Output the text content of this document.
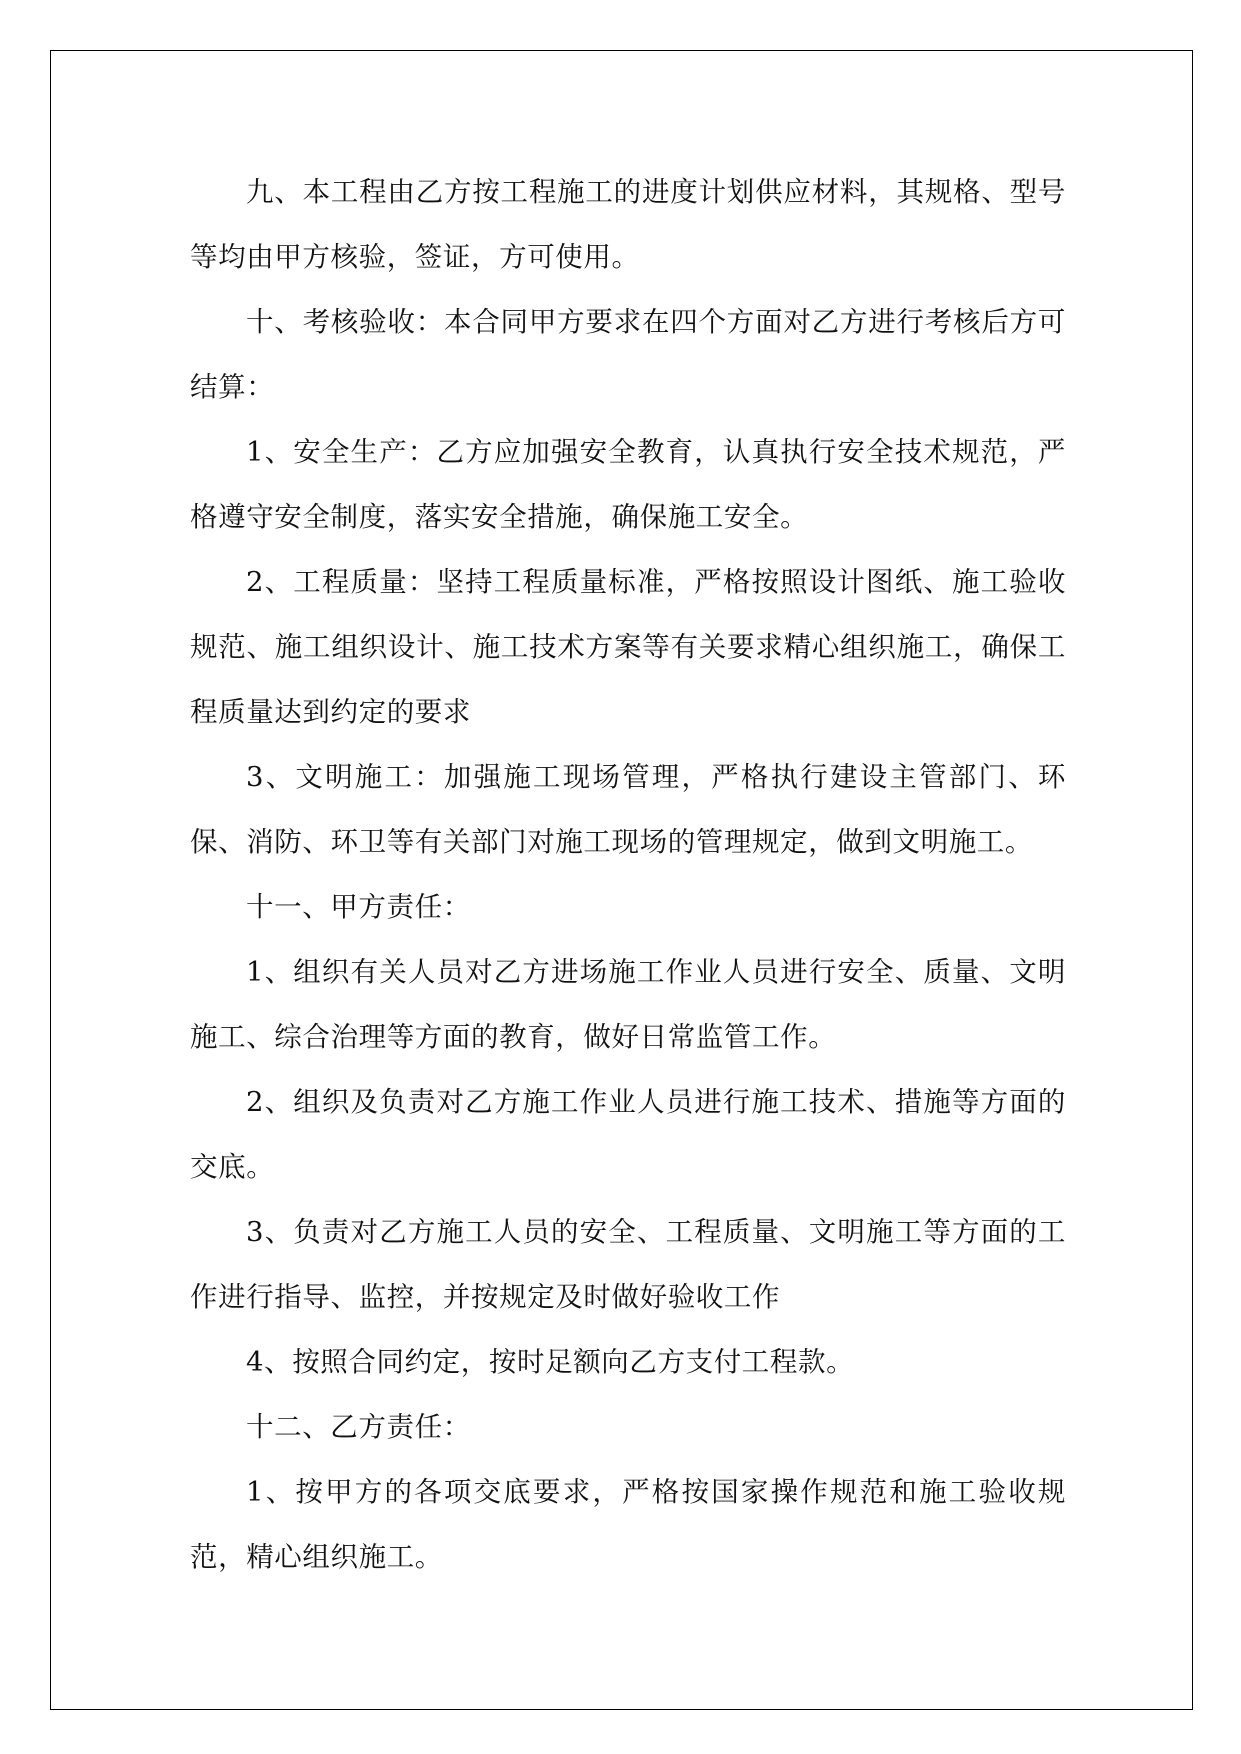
九、本工程由乙方按工程施工的进度计划供应材料，其规格、型号等均由甲方核验，签证，方可使用。

十、考核验收：本合同甲方要求在四个方面对乙方进行考核后方可结算：

1、安全生产：乙方应加强安全教育，认真执行安全技术规范，严格遵守安全制度，落实安全措施，确保施工安全。

2、工程质量：坚持工程质量标准，严格按照设计图纸、施工验收规范、施工组织设计、施工技术方案等有关要求精心组织施工，确保工程质量达到约定的要求

3、文明施工：加强施工现场管理，严格执行建设主管部门、环保、消防、环卫等有关部门对施工现场的管理规定，做到文明施工。

十一、甲方责任：

1、组织有关人员对乙方进场施工作业人员进行安全、质量、文明施工、综合治理等方面的教育，做好日常监管工作。

2、组织及负责对乙方施工作业人员进行施工技术、措施等方面的交底。

3、负责对乙方施工人员的安全、工程质量、文明施工等方面的工作进行指导、监控，并按规定及时做好验收工作

4、按照合同约定，按时足额向乙方支付工程款。

十二、乙方责任：

1、按甲方的各项交底要求，严格按国家操作规范和施工验收规范，精心组织施工。
